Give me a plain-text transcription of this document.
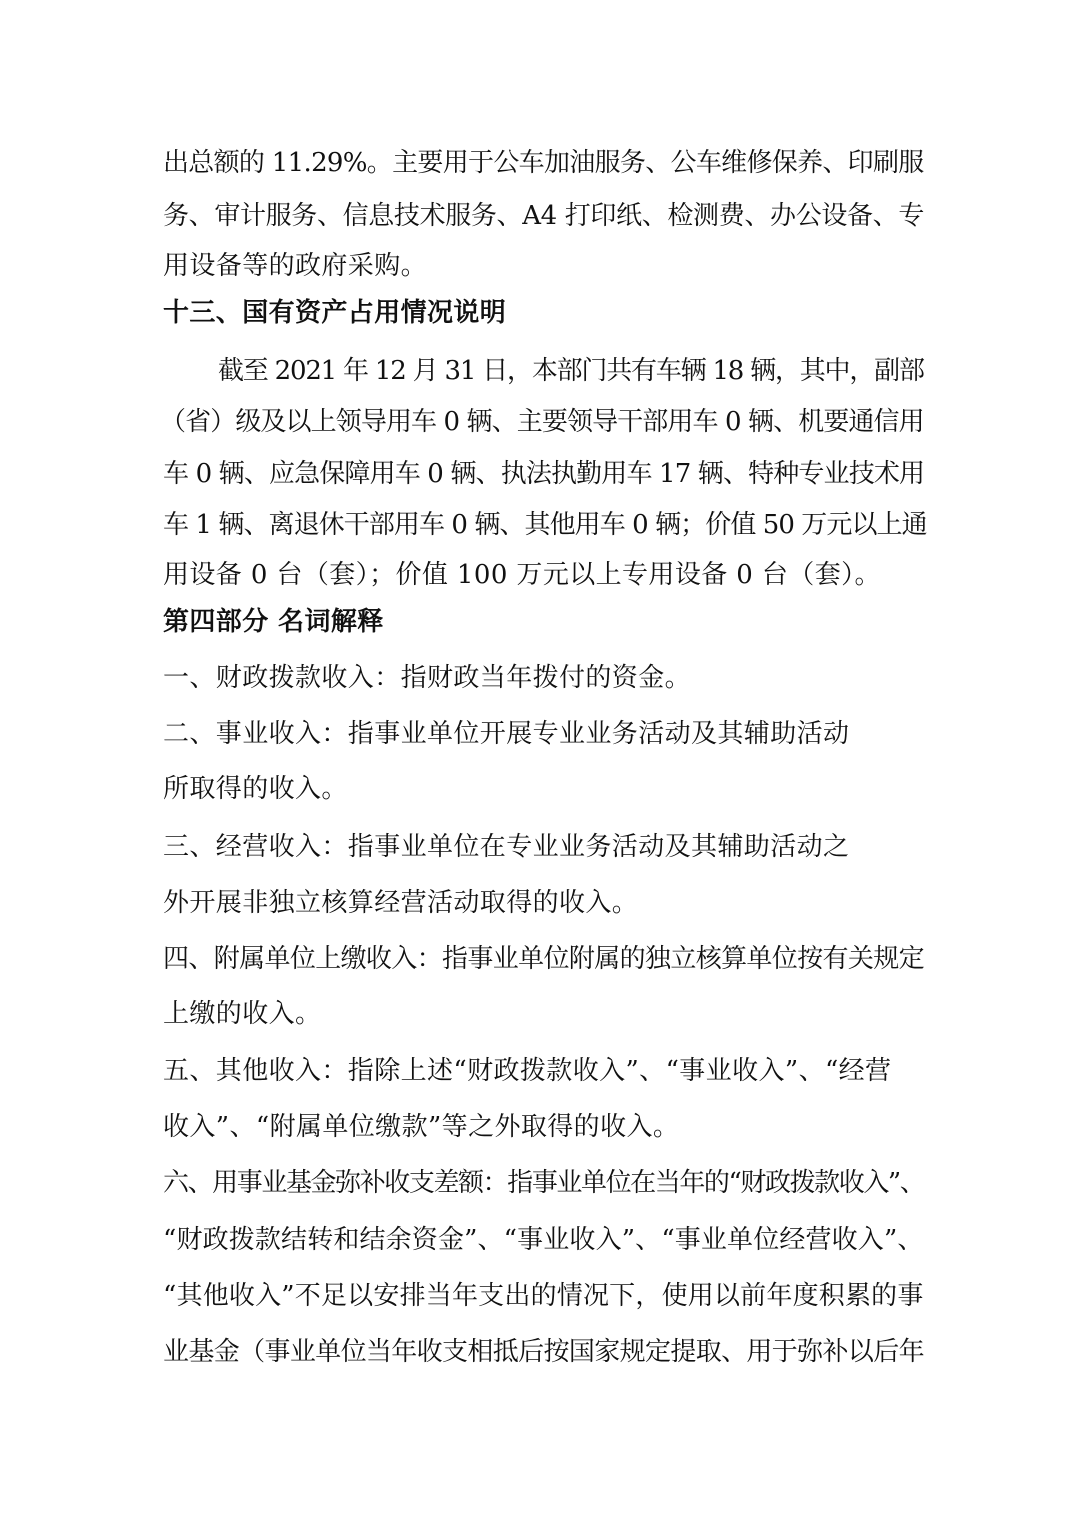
出总额的 11.29%。主要用于公车加油服务、公车维修保养、印刷服
务、审计服务、信息技术服务、A4 打印纸、检测费、办公设备、专
用设备等的政府采购。
十三、国有资产占用情况说明
截至 2021 年 12 月 31 日，本部门共有车辆 18 辆，其中，副部
（省）级及以上领导用车 0 辆、主要领导干部用车 0 辆、机要通信用
车 0 辆、应急保障用车 0 辆、执法执勤用车 17 辆、特种专业技术用
车 1 辆、离退休干部用车 0 辆、其他用车 0 辆；价值 50 万元以上通
用设备 0 台（套）；价值 100 万元以上专用设备 0 台（套）。
第四部分 名词解释
一、财政拨款收入：指财政当年拨付的资金。
二、事业收入：指事业单位开展专业业务活动及其辅助活动
所取得的收入。
三、经营收入：指事业单位在专业业务活动及其辅助活动之
外开展非独立核算经营活动取得的收入。
四、附属单位上缴收入：指事业单位附属的独立核算单位按有关规定
上缴的收入。
五、其他收入：指除上述“财政拨款收入”、“事业收入”、“经营
收入”、“附属单位缴款”等之外取得的收入。
六、用事业基金弥补收支差额：指事业单位在当年的“财政拨款收入”、
“财政拨款结转和结余资金”、“事业收入”、“事业单位经营收入”、
“其他收入”不足以安排当年支出的情况下，使用以前年度积累的事
业基金（事业单位当年收支相抵后按国家规定提取、用于弥补以后年
